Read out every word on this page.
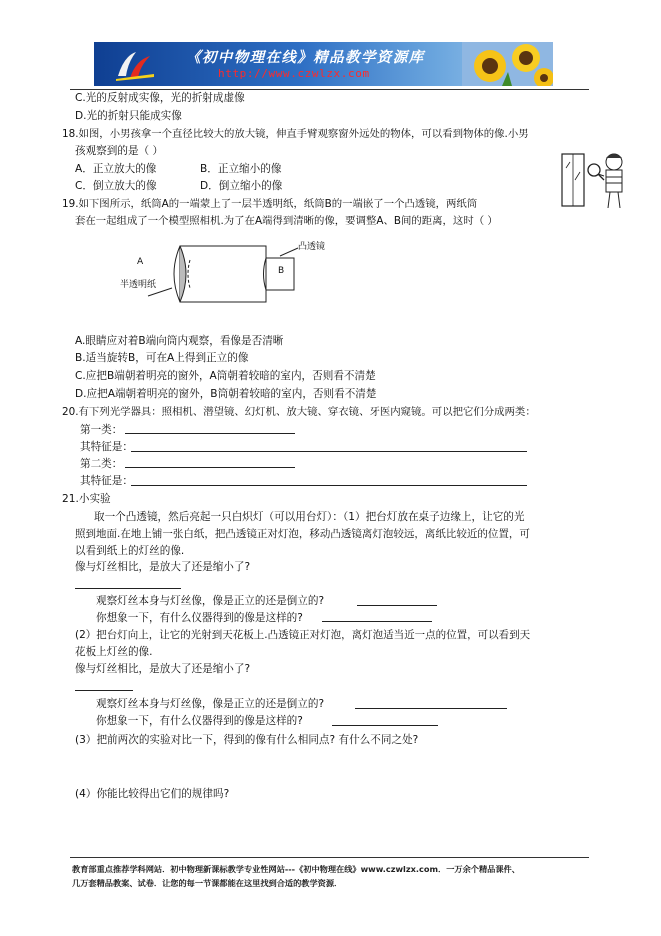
《初中物理在线》精品教学资源库
http://www.czwlzx.com
C.光的反射成实像，光的折射成虚像
D.光的折射只能成实像
18.如图，小男孩拿一个直径比较大的放大镜，伸直手臂观察窗外远处的物体，可以看到物体的像.小男
孩观察到的是（ ）
A．正立放大的像	B．正立缩小的像
C．倒立放大的像	D．倒立缩小的像
19.如下图所示，纸筒A的一端蒙上了一层半透明纸，纸筒B的一端嵌了一个凸透镜，两纸筒
套在一起组成了一个模型照相机.为了在A端得到清晰的像，要调整A、B间的距离，这时（ ）
A
B
凸透镜
半透明纸
A.眼睛应对着B端向筒内观察，看像是否清晰
B.适当旋转B，可在A上得到正立的像
C.应把B端朝着明亮的窗外，A筒朝着较暗的室内，否则看不清楚
D.应把A端朝着明亮的窗外，B筒朝着较暗的室内，否则看不清楚
20.有下列光学器具：照相机、潜望镜、幻灯机、放大镜、穿衣镜、牙医内窥镜。可以把它们分成两类：
第一类：
其特征是：
第二类：
其特征是：
21.小实验
取一个凸透镜，然后亮起一只白炽灯（可以用台灯）：（1）把台灯放在桌子边缘上，让它的光
照到地面.在地上铺一张白纸，把凸透镜正对灯泡，移动凸透镜离灯泡较远，离纸比较近的位置，可
以看到纸上的灯丝的像.
像与灯丝相比，是放大了还是缩小了?
观察灯丝本身与灯丝像，像是正立的还是倒立的?
你想象一下，有什么仪器得到的像是这样的?
(2）把台灯向上，让它的光射到天花板上.凸透镜正对灯泡，离灯泡适当近一点的位置，可以看到天
花板上灯丝的像.
像与灯丝相比，是放大了还是缩小了?
观察灯丝本身与灯丝像，像是正立的还是倒立的?
你想象一下，有什么仪器得到的像是这样的?
(3）把前两次的实验对比一下，得到的像有什么相同点? 有什么不同之处?
(4）你能比较得出它们的规律吗?
教育部重点推荐学科网站．初中物理新课标教学专业性网站---《初中物理在线》www.czwlzx.com．一万余个精品课件、
几万套精品教案、试卷．让您的每一节课都能在这里找到合适的教学资源．
